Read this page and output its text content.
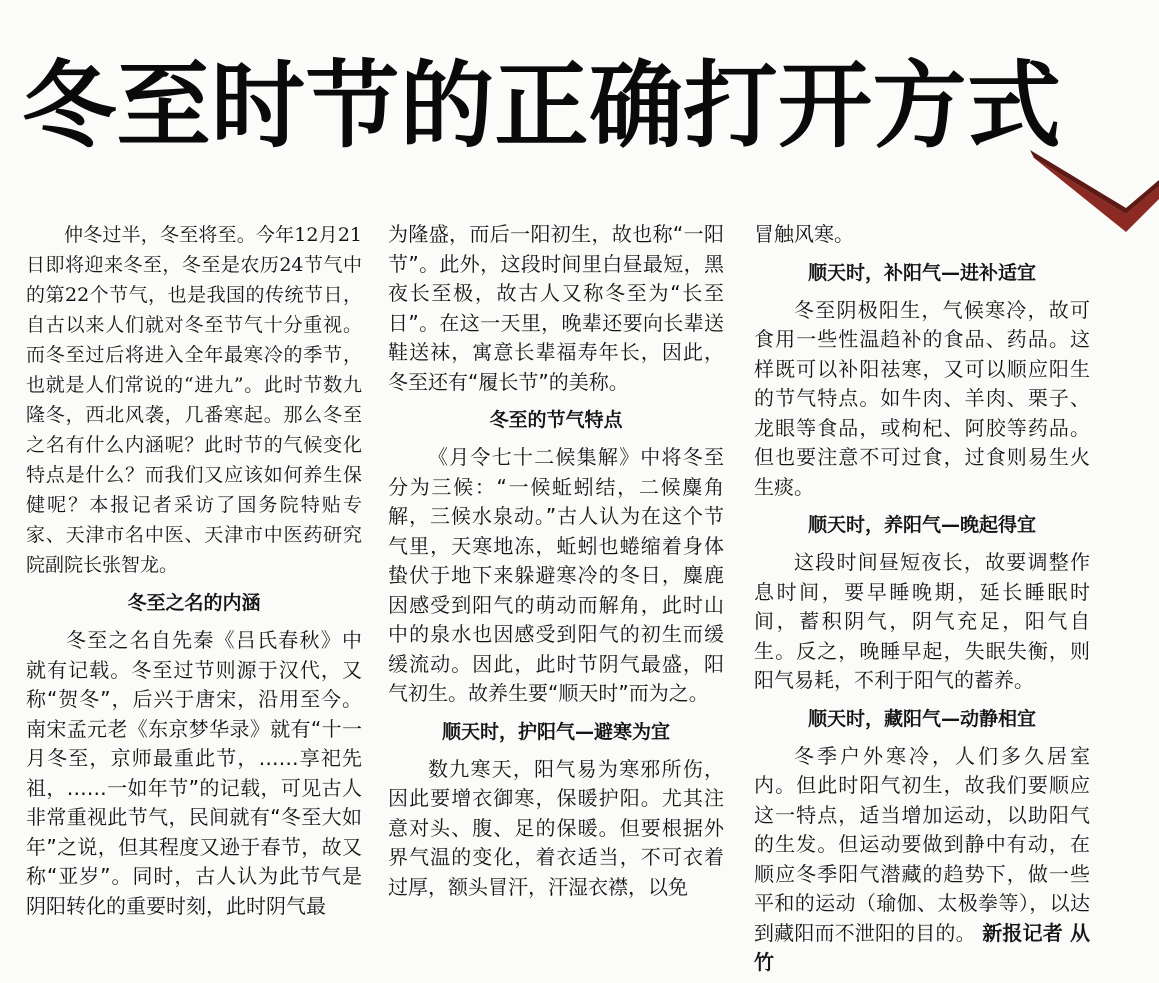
冬至时节的正确打开方式

仲冬过半，冬至将至。今年12月21日即将迎来冬至，冬至是农历24节气中的第22个节气，也是我国的传统节日，自古以来人们就对冬至节气十分重视。而冬至过后将进入全年最寒冷的季节，也就是人们常说的“进九”。此时节数九隆冬，西北风袭，几番寒起。那么冬至之名有什么内涵呢？此时节的气候变化特点是什么？而我们又应该如何养生保健呢？本报记者采访了国务院特贴专家、天津市名中医、天津市中医药研究院副院长张智龙。

冬至之名的内涵

冬至之名自先秦《吕氏春秋》中就有记载。冬至过节则源于汉代，又称“贺冬”，后兴于唐宋，沿用至今。南宋孟元老《东京梦华录》就有“十一月冬至，京师最重此节，……享祀先祖，……一如年节”的记载，可见古人非常重视此节气，民间就有“冬至大如年”之说，但其程度又逊于春节，故又称“亚岁”。同时，古人认为此节气是阴阳转化的重要时刻，此时阴气最

为隆盛，而后一阳初生，故也称“一阳节”。此外，这段时间里白昼最短，黑夜长至极，故古人又称冬至为“长至日”。在这一天里，晚辈还要向长辈送鞋送袜，寓意长辈福寿年长，因此，冬至还有“履长节”的美称。

冬至的节气特点

《月令七十二候集解》中将冬至分为三候：“一候蚯蚓结，二候麋角解，三候水泉动。”古人认为在这个节气里，天寒地冻，蚯蚓也蜷缩着身体蛰伏于地下来躲避寒冷的冬日，麋鹿因感受到阳气的萌动而解角，此时山中的泉水也因感受到阳气的初生而缓缓流动。因此，此时节阴气最盛，阳气初生。故养生要“顺天时”而为之。

顺天时，护阳气—避寒为宜

数九寒天，阳气易为寒邪所伤，因此要增衣御寒，保暖护阳。尤其注意对头、腹、足的保暖。但要根据外界气温的变化，着衣适当，不可衣着过厚，额头冒汗，汗湿衣襟，以免

冒触风寒。

顺天时，补阳气—进补适宜

冬至阴极阳生，气候寒冷，故可食用一些性温趋补的食品、药品。这样既可以补阳祛寒，又可以顺应阳生的节气特点。如牛肉、羊肉、栗子、龙眼等食品，或枸杞、阿胶等药品。但也要注意不可过食，过食则易生火生痰。

顺天时，养阳气—晚起得宜

这段时间昼短夜长，故要调整作息时间，要早睡晚期，延长睡眠时间，蓄积阴气，阴气充足，阳气自生。反之，晚睡早起，失眠失衡，则阳气易耗，不利于阳气的蓄养。

顺天时，藏阳气—动静相宜

冬季户外寒冷，人们多久居室内。但此时阳气初生，故我们要顺应这一特点，适当增加运动，以助阳气的生发。但运动要做到静中有动，在顺应冬季阳气潜藏的趋势下，做一些平和的运动（瑜伽、太极拳等），以达到藏阳而不泄阳的目的。 新报记者 从竹
